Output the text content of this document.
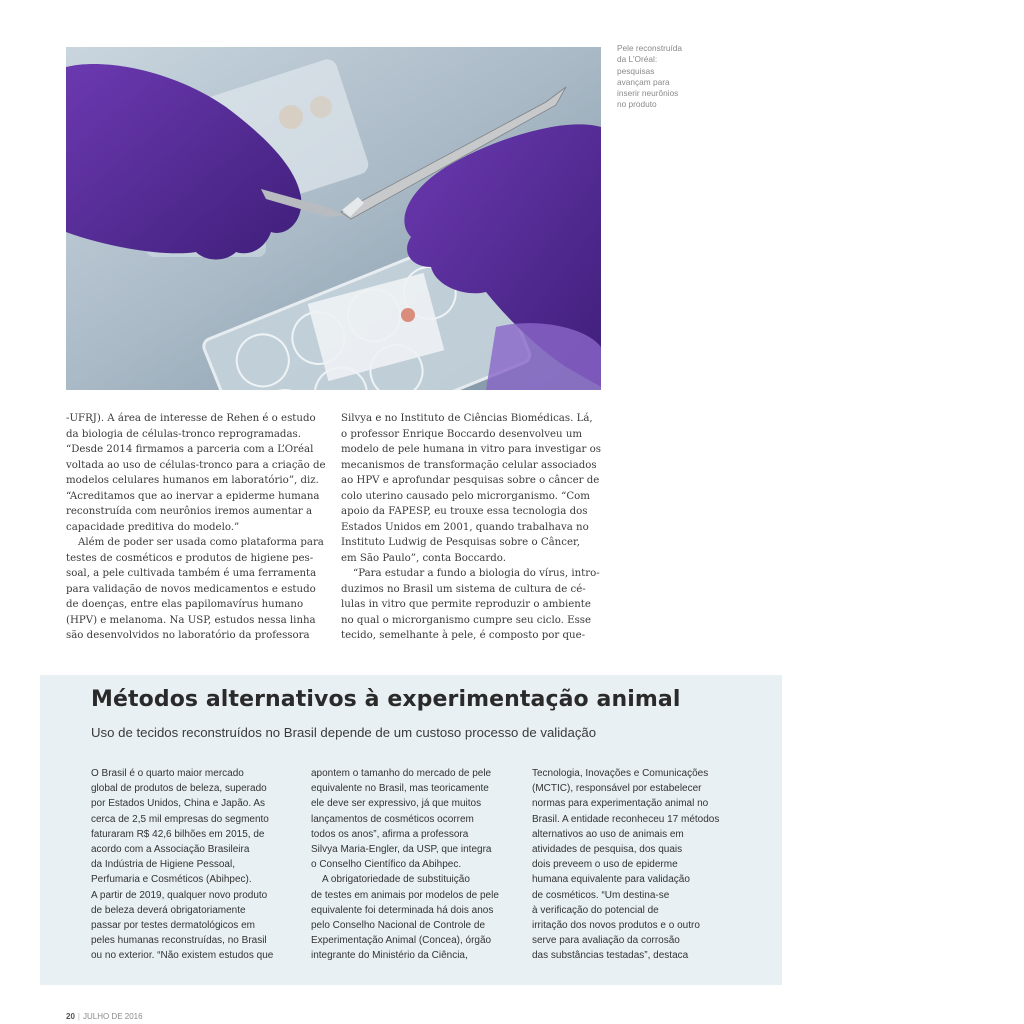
Pele reconstruída
da L’Oréal:
pesquisas
avançam para
inserir neurônios
no produto
-UFRJ). A área de interesse de Rehen é o estudo
da biologia de células-tronco reprogramadas.
“Desde 2014 firmamos a parceria com a L’Oréal
voltada ao uso de células-tronco para a criação de
modelos celulares humanos em laboratório”, diz.
“Acreditamos que ao inervar a epiderme humana
reconstruída com neurônios iremos aumentar a
capacidade preditiva do modelo.”
Além de poder ser usada como plataforma para
testes de cosméticos e produtos de higiene pes-
soal, a pele cultivada também é uma ferramenta
para validação de novos medicamentos e estudo
de doenças, entre elas papilomavírus humano
(HPV) e melanoma. Na USP, estudos nessa linha
são desenvolvidos no laboratório da professora
Silvya e no Instituto de Ciências Biomédicas. Lá,
o professor Enrique Boccardo desenvolveu um
modelo de pele humana in vitro para investigar os
mecanismos de transformação celular associados
ao HPV e aprofundar pesquisas sobre o câncer de
colo uterino causado pelo microrganismo. “Com
apoio da FAPESP, eu trouxe essa tecnologia dos
Estados Unidos em 2001, quando trabalhava no
Instituto Ludwig de Pesquisas sobre o Câncer,
em São Paulo”, conta Boccardo.
“Para estudar a fundo a biologia do vírus, intro-
duzimos no Brasil um sistema de cultura de cé-
lulas in vitro que permite reproduzir o ambiente
no qual o microrganismo cumpre seu ciclo. Esse
tecido, semelhante à pele, é composto por que-
Métodos alternativos à experimentação animal
Uso de tecidos reconstruídos no Brasil depende de um custoso processo de validação
O Brasil é o quarto maior mercado
global de produtos de beleza, superado
por Estados Unidos, China e Japão. As
cerca de 2,5 mil empresas do segmento
faturaram R$ 42,6 bilhões em 2015, de
acordo com a Associação Brasileira
da Indústria de Higiene Pessoal,
Perfumaria e Cosméticos (Abihpec).
A partir de 2019, qualquer novo produto
de beleza deverá obrigatoriamente
passar por testes dermatológicos em
peles humanas reconstruídas, no Brasil
ou no exterior. “Não existem estudos que
apontem o tamanho do mercado de pele
equivalente no Brasil, mas teoricamente
ele deve ser expressivo, já que muitos
lançamentos de cosméticos ocorrem
todos os anos”, afirma a professora
Silvya Maria-Engler, da USP, que integra
o Conselho Científico da Abihpec.
A obrigatoriedade de substituição
de testes em animais por modelos de pele
equivalente foi determinada há dois anos
pelo Conselho Nacional de Controle de
Experimentação Animal (Concea), órgão
integrante do Ministério da Ciência,
Tecnologia, Inovações e Comunicações
(MCTIC), responsável por estabelecer
normas para experimentação animal no
Brasil. A entidade reconheceu 17 métodos
alternativos ao uso de animais em
atividades de pesquisa, dos quais
dois preveem o uso de epiderme
humana equivalente para validação
de cosméticos. “Um destina-se
à verificação do potencial de
irritação dos novos produtos e o outro
serve para avaliação da corrosão
das substâncias testadas”, destaca
20 | JULHO DE 2016
